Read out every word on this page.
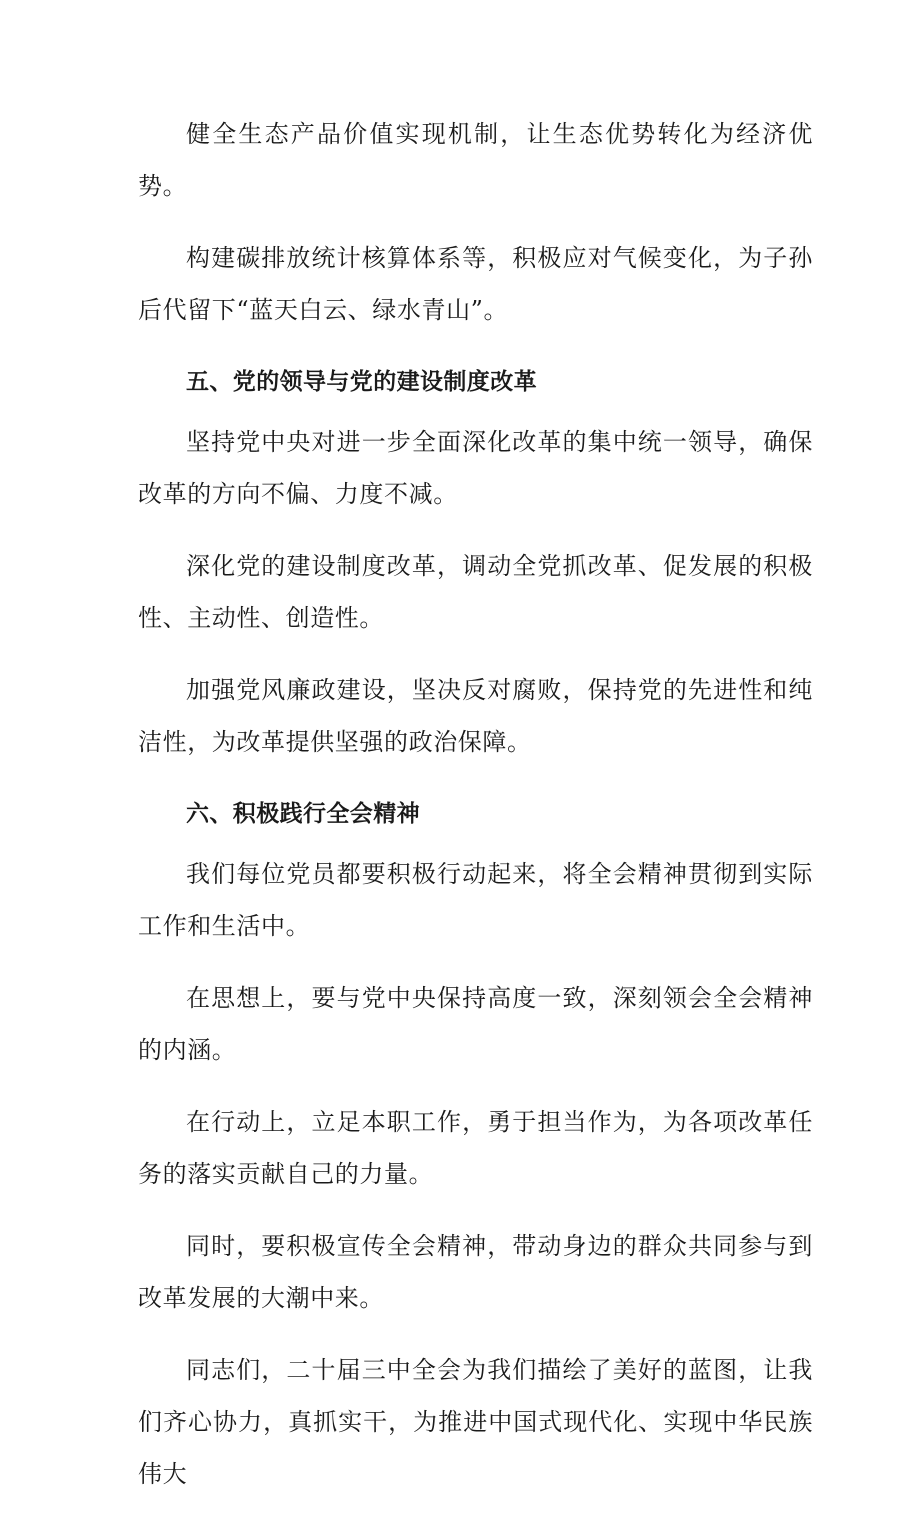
健全生态产品价值实现机制，让生态优势转化为经济优势。

构建碳排放统计核算体系等，积极应对气候变化，为子孙后代留下“蓝天白云、绿水青山”。

五、党的领导与党的建设制度改革

坚持党中央对进一步全面深化改革的集中统一领导，确保改革的方向不偏、力度不减。

深化党的建设制度改革，调动全党抓改革、促发展的积极性、主动性、创造性。

加强党风廉政建设，坚决反对腐败，保持党的先进性和纯洁性，为改革提供坚强的政治保障。

六、积极践行全会精神

我们每位党员都要积极行动起来，将全会精神贯彻到实际工作和生活中。

在思想上，要与党中央保持高度一致，深刻领会全会精神的内涵。

在行动上，立足本职工作，勇于担当作为，为各项改革任务的落实贡献自己的力量。

同时，要积极宣传全会精神，带动身边的群众共同参与到改革发展的大潮中来。

同志们，二十届三中全会为我们描绘了美好的蓝图，让我们齐心协力，真抓实干，为推进中国式现代化、实现中华民族伟大
